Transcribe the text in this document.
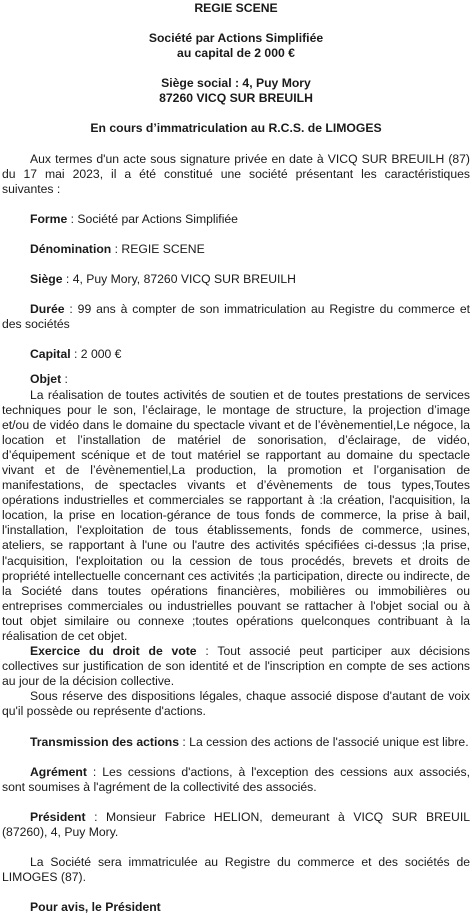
REGIE SCENE
Société par Actions Simplifiée
au capital de 2 000 €
Siège social : 4, Puy Mory
87260 VICQ SUR BREUILH
En cours d’immatriculation au R.C.S. de LIMOGES

Aux termes d'un acte sous signature privée en date à VICQ SUR BREUILH (87) du 17 mai 2023, il a été constitué une société présentant les caractéristiques suivantes :

Forme : Société par Actions Simplifiée

Dénomination : REGIE SCENE

Siège : 4, Puy Mory, 87260 VICQ SUR BREUILH

Durée : 99 ans à compter de son immatriculation au Registre du commerce et des sociétés

Capital : 2 000 €

Objet :

La réalisation de toutes activités de soutien et de toutes prestations de services techniques pour le son, l’éclairage, le montage de structure, la projection d’image et/ou de vidéo dans le domaine du spectacle vivant et de l’évènementiel,Le négoce, la location et l’installation de matériel de sonorisation, d’éclairage, de vidéo, d’équipement scénique et de tout matériel se rapportant au domaine du spectacle vivant et de l’évènementiel,La production, la promotion et l’organisation de manifestations, de spectacles vivants et d’évènements de tous types,Toutes opérations industrielles et commerciales se rapportant à :la création, l'acquisition, la location, la prise en location-gérance de tous fonds de commerce, la prise à bail, l'installation, l'exploitation de tous établissements, fonds de commerce, usines, ateliers, se rapportant à l'une ou l'autre des activités spécifiées ci-dessus ;la prise, l'acquisition, l'exploitation ou la cession de tous procédés, brevets et droits de propriété intellectuelle concernant ces activités ;la participation, directe ou indirecte, de la Société dans toutes opérations financières, mobilières ou immobilières ou entreprises commerciales ou industrielles pouvant se rattacher à l'objet social ou à tout objet similaire ou connexe ;toutes opérations quelconques contribuant à la réalisation de cet objet.

Exercice du droit de vote : Tout associé peut participer aux décisions collectives sur justification de son identité et de l'inscription en compte de ses actions au jour de la décision collective.

Sous réserve des dispositions légales, chaque associé dispose d'autant de voix qu'il possède ou représente d'actions.

Transmission des actions : La cession des actions de l'associé unique est libre.

Agrément : Les cessions d'actions, à l'exception des cessions aux associés, sont soumises à l'agrément de la collectivité des associés.

Président : Monsieur Fabrice HELION, demeurant à VICQ SUR BREUIL (87260), 4, Puy Mory.

La Société sera immatriculée au Registre du commerce et des sociétés de LIMOGES (87).

Pour avis, le Président
